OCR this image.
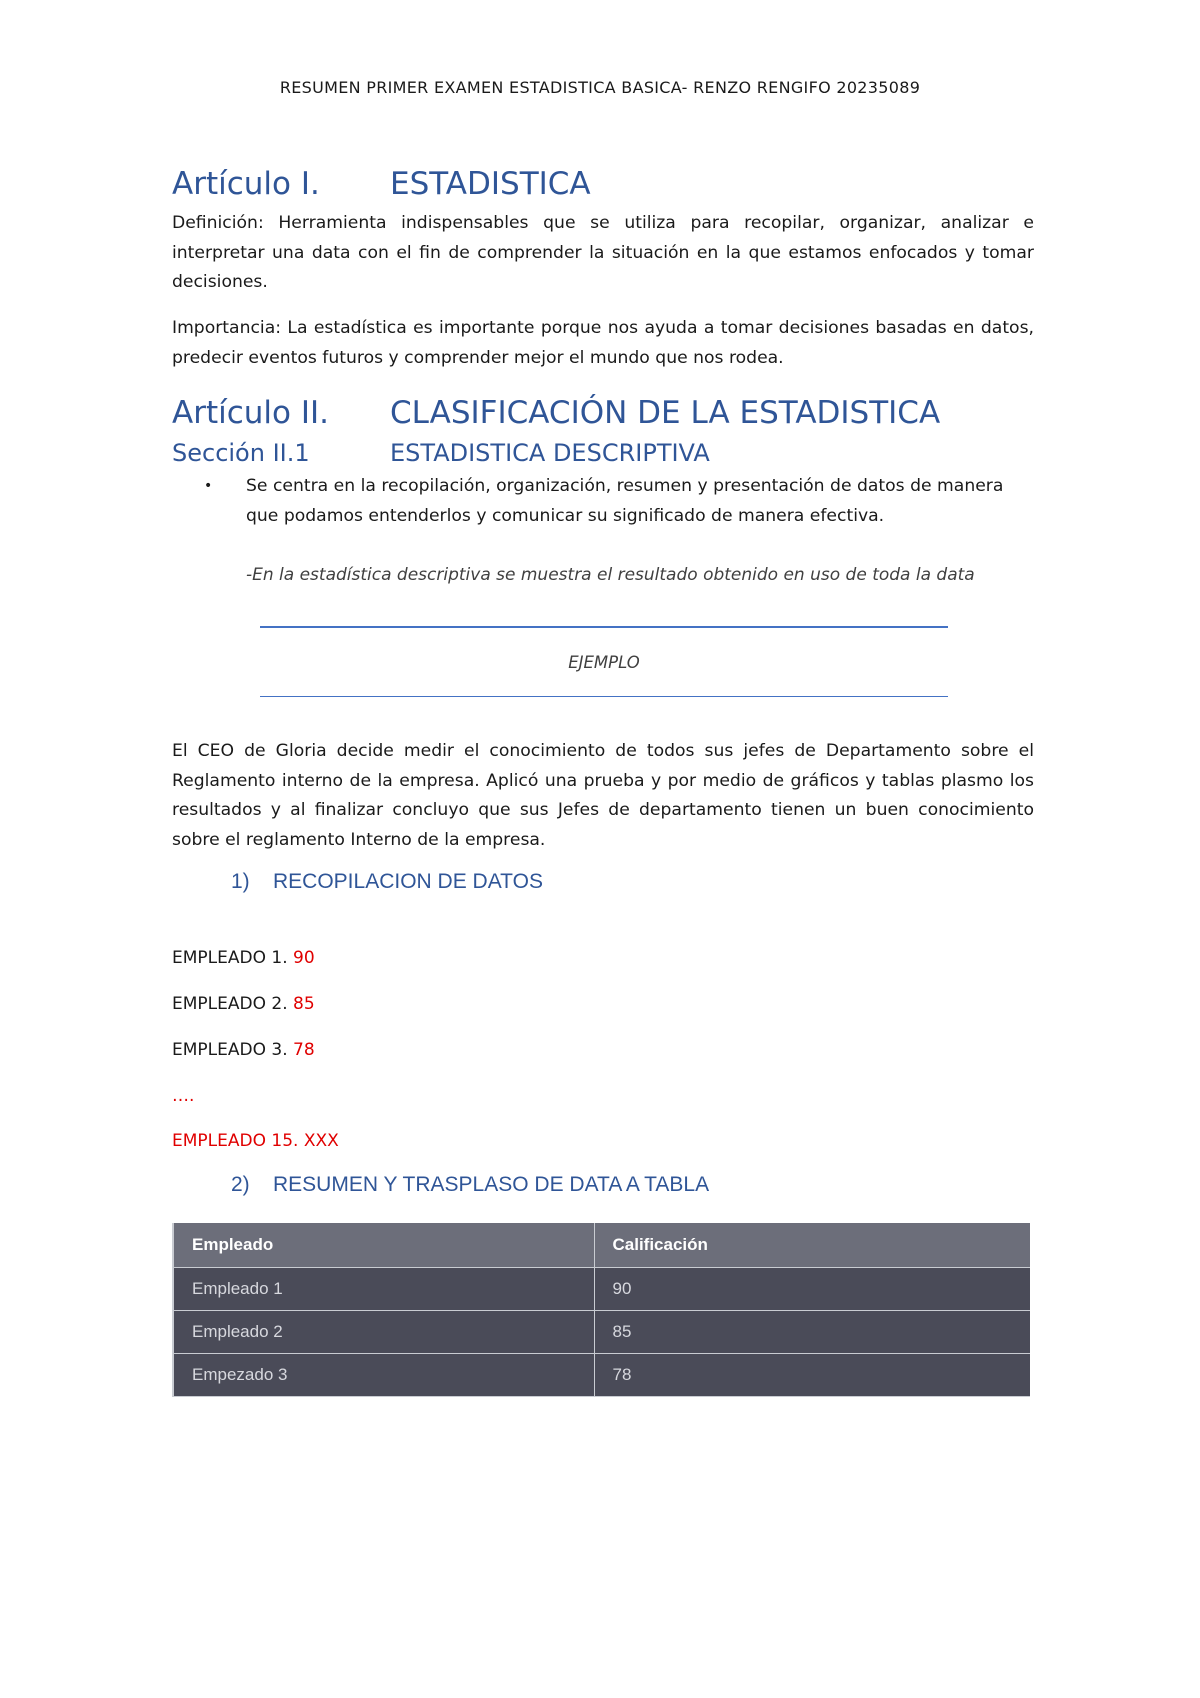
RESUMEN PRIMER EXAMEN ESTADISTICA BASICA- RENZO RENGIFO 20235089
Artículo I. ESTADISTICA
Definición: Herramienta indispensables que se utiliza para recopilar, organizar, analizar e interpretar una data con el fin de comprender la situación en la que estamos enfocados y tomar decisiones.
Importancia: La estadística es importante porque nos ayuda a tomar decisiones basadas en datos, predecir eventos futuros y comprender mejor el mundo que nos rodea.
Artículo II. CLASIFICACIÓN DE LA ESTADISTICA
Sección II.1	ESTADISTICA DESCRIPTIVA
• Se centra en la recopilación, organización, resumen y presentación de datos de manera que podamos entenderlos y comunicar su significado de manera efectiva.
-En la estadística descriptiva se muestra el resultado obtenido en uso de toda la data
EJEMPLO
El CEO de Gloria decide medir el conocimiento de todos sus jefes de Departamento sobre el Reglamento interno de la empresa. Aplicó una prueba y por medio de gráficos y tablas plasmo los resultados y al finalizar concluyo que sus Jefes de departamento tienen un buen conocimiento sobre el reglamento Interno de la empresa.
1) RECOPILACION DE DATOS
EMPLEADO 1. 90
EMPLEADO 2. 85
EMPLEADO 3. 78
….
EMPLEADO 15. XXX
2) RESUMEN Y TRASPLASO DE DATA A TABLA
Empleado	Calificación
Empleado 1	90
Empleado 2	85
Empezado 3	78
